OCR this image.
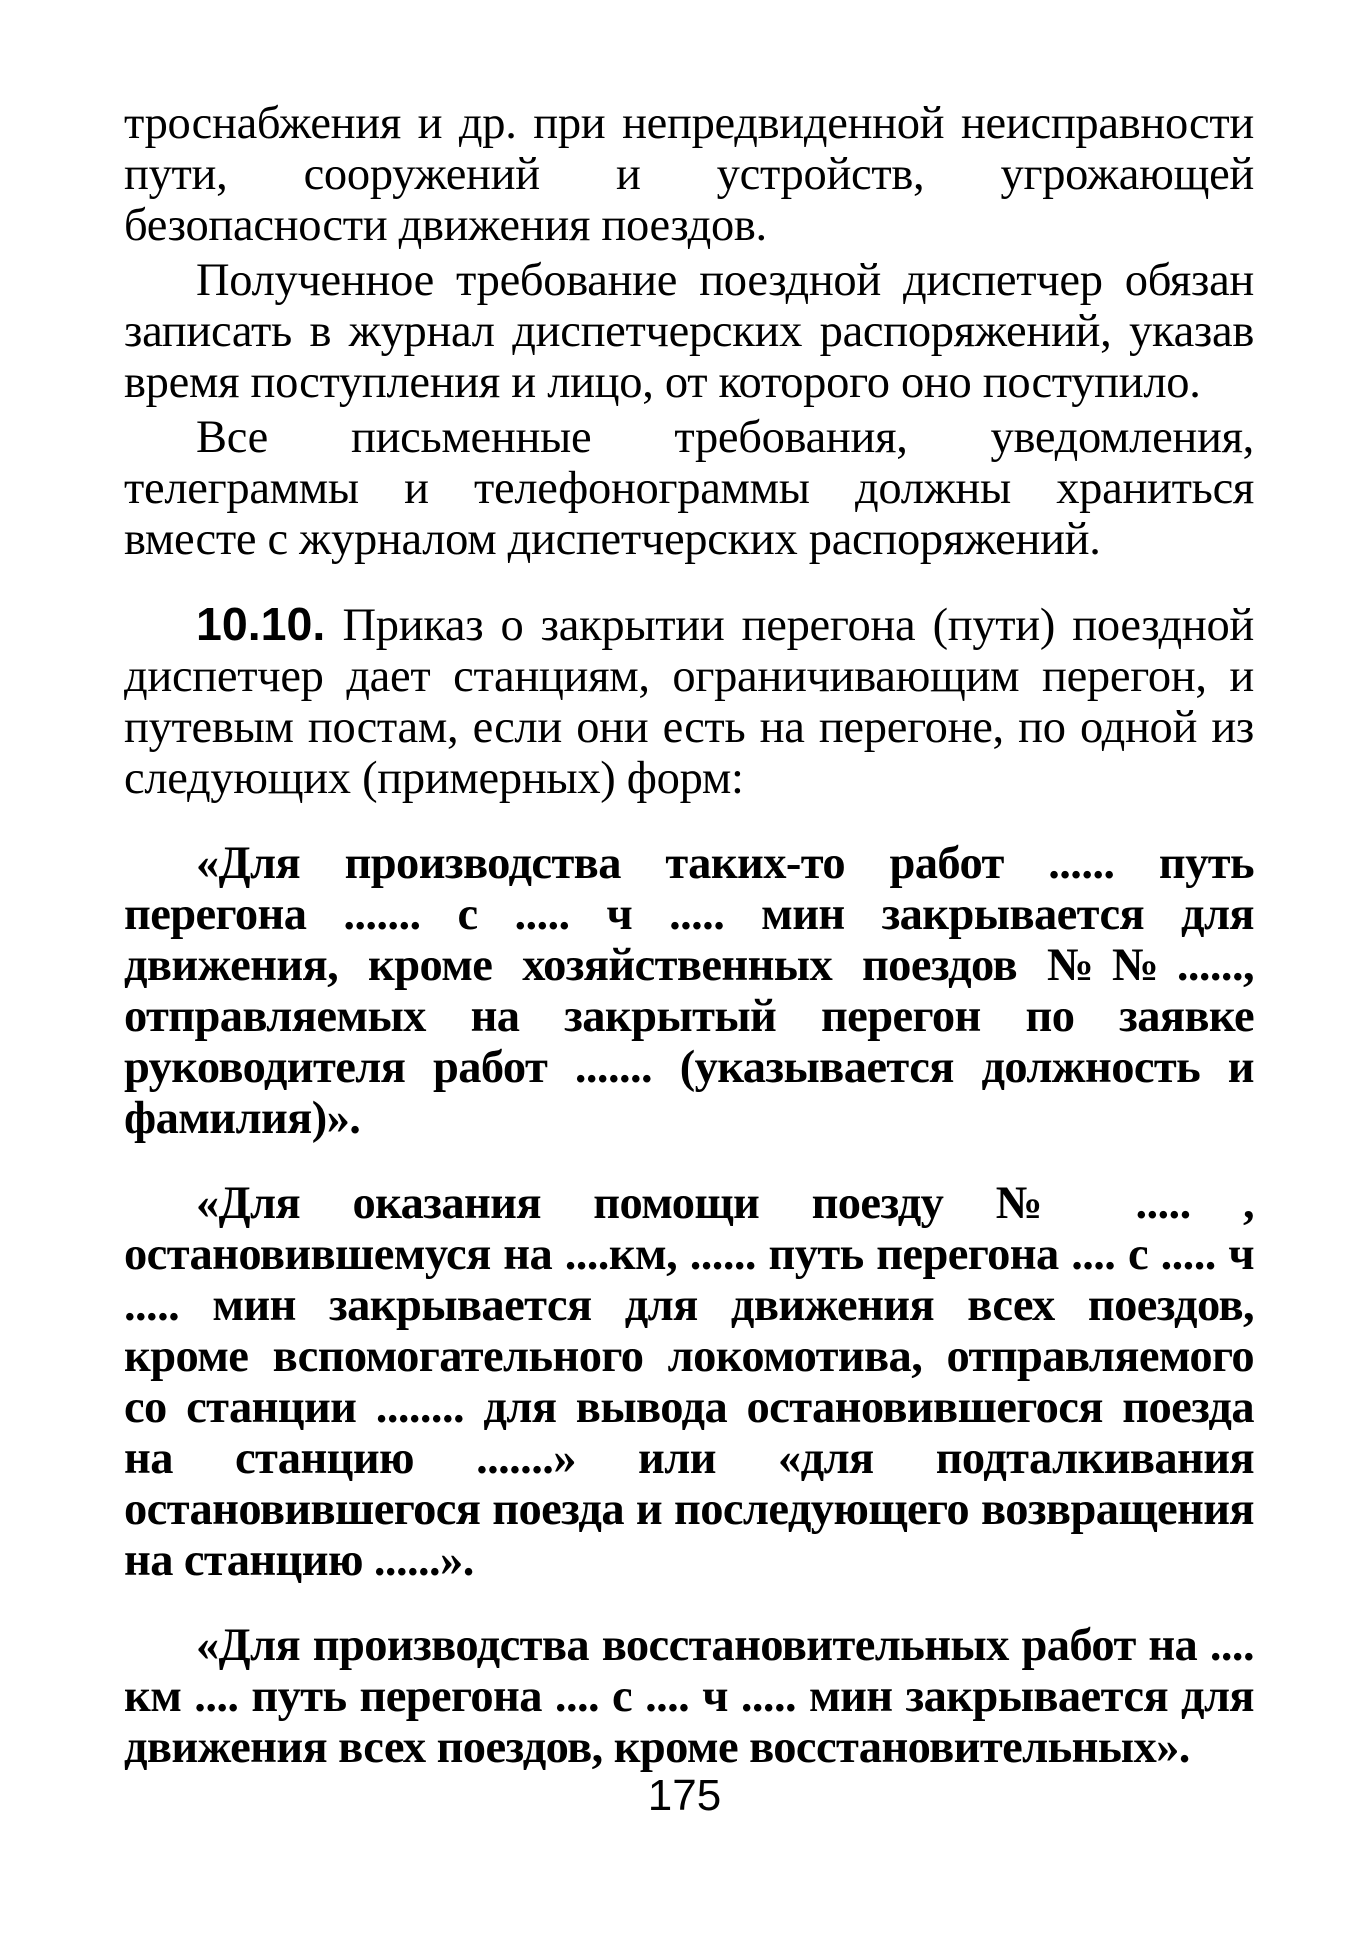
троснабжения и др. при непредвиденной неисправности пути, сооружений и устройств, угрожающей безопасности движения поездов.

Полученное требование поездной диспетчер обязан записать в журнал диспетчерских распоряжений, указав время поступления и лицо, от которого оно поступило.

Все письменные требования, уведомления, телеграммы и телефонограммы должны храниться вместе с журналом диспетчерских распоряжений.

10.10. Приказ о закрытии перегона (пути) поездной диспетчер дает станциям, ограничивающим перегон, и путевым постам, если они есть на перегоне, по одной из следующих (примерных) форм:

«Для производства таких-то работ ...... путь перегона ....... с ..... ч ..... мин закрывается для движения, кроме хозяйственных поездов №№......, отправляемых на закрытый перегон по заявке руководителя работ ....... (указывается должность и фамилия)».

«Для оказания помощи поезду № ..... , остановившемуся на ....км, ...... путь перегона .... с ..... ч ..... мин закрывается для движения всех поездов, кроме вспомогательного локомотива, отправляемого со станции ........ для вывода остановившегося поезда на станцию .......» или «для подталкивания остановившегося поезда и последующего возвращения на станцию ......».

«Для производства восстановительных работ на .... км .... путь перегона .... с .... ч ..... мин закрывается для движения всех поездов, кроме восстановительных».

175
